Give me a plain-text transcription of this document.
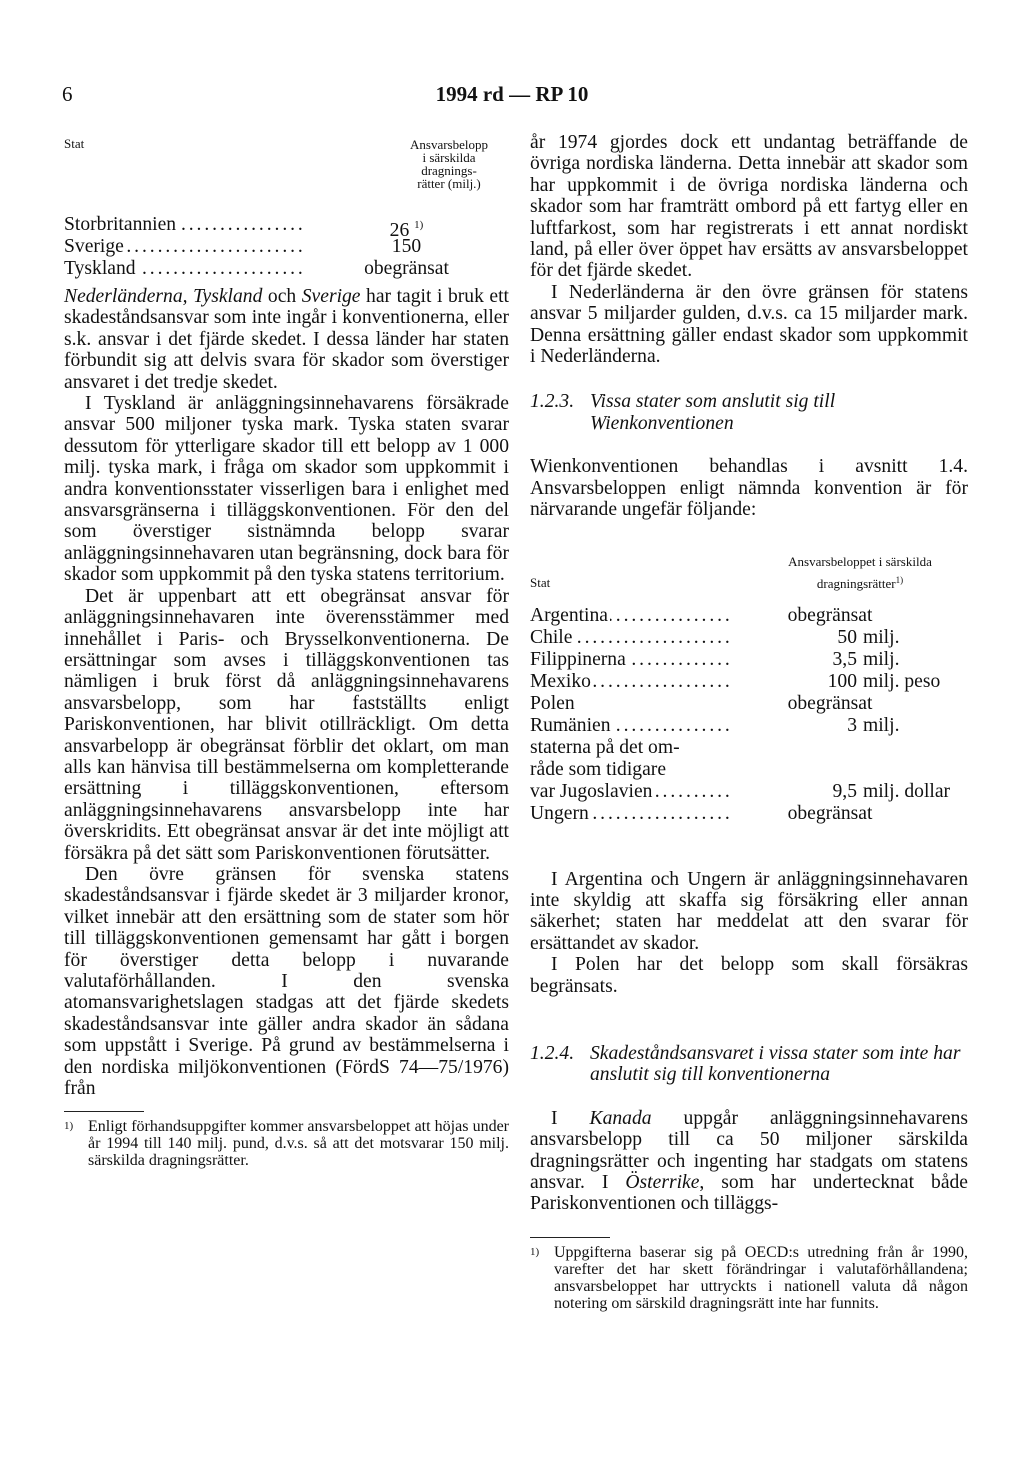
6	1994 rd — RP 10
Stat	Ansvarsbelopp
i särskilda
dragnings-
rätter (milj.)
Storbritannien . . .	26 $^{1)}$
Sverige . . .	150
Tyskland . . .	obegränsat

Nederländerna, Tyskland och Sverige har tagit i bruk ett skadeståndsansvar som inte ingår i konventionerna, eller s.k. ansvar i det fjärde skedet. I dessa länder har staten förbundit sig att delvis svara för skador som överstiger ansvaret i det tredje skedet.

I Tyskland är anläggningsinnehavarens försäkrade ansvar 500 miljoner tyska mark. Tyska staten svarar dessutom för ytterligare skador till ett belopp av 1 000 milj. tyska mark, i fråga om skador som uppkommit i andra konventionsstater visserligen bara i enlighet med ansvarsgränserna i tilläggskonventionen. För den del som överstiger sistnämnda belopp svarar anläggningsinnehavaren utan begränsning, dock bara för skador som uppkommit på den tyska statens territorium.

Det är uppenbart att ett obegränsat ansvar för anläggningsinnehavaren inte överensstämmer med innehållet i Paris- och Brysselkonventionerna. De ersättningar som avses i tilläggskonventionen tas nämligen i bruk först då anläggningsinnehavarens ansvarsbelopp, som har fastställts enligt Pariskonventionen, har blivit otillräckligt. Om detta ansvarbelopp är obegränsat förblir det oklart, om man alls kan hänvisa till bestämmelserna om kompletterande ersättning i tilläggskonventionen, eftersom anläggningsinnehavarens ansvarsbelopp inte har överskridits. Ett obegränsat ansvar är det inte möjligt att försäkra på det sätt som Pariskonventionen förutsätter.

Den övre gränsen för svenska statens skadeståndsansvar i fjärde skedet är 3 miljarder kronor, vilket innebär att den ersättning som de stater som hör till tilläggskonventionen gemensamt har gått i borgen för överstiger detta belopp i nuvarande valutaförhållanden. I den svenska atomansvarighetslagen stadgas att det fjärde skedets skadeståndsansvar inte gäller andra skador än sådana som uppstått i Sverige. På grund av bestämmelserna i den nordiska miljökonventionen (FördS 74—75/1976) från

1) Enligt förhandsuppgifter kommer ansvarsbeloppet att höjas under år 1994 till 140 milj. pund, d.v.s. så att det motsvarar 150 milj. särskilda dragningsrätter.

år 1974 gjordes dock ett undantag beträffande de övriga nordiska länderna. Detta innebär att skador som har uppkommit i de övriga nordiska länderna och skador som har framträtt ombord på ett fartyg eller en luftfarkost, som har registrerats i ett annat nordiskt land, på eller över öppet hav ersätts av ansvarsbeloppet för det fjärde skedet.

I Nederländerna är den övre gränsen för statens ansvar 5 miljarder gulden, d.v.s. ca 15 miljarder mark. Denna ersättning gäller endast skador som uppkommit i Nederländerna.

1.2.3. Vissa stater som anslutit sig till Wienkonventionen

Wienkonventionen behandlas i avsnitt 1.4. Ansvarsbeloppen enligt nämnda konvention är för närvarande ungefär följande:

Stat
Ansvarsbeloppet i särskilda
dragningsrätter$^{1)}$
Argentina . . .	obegränsat
Chile . . .	50 milj.
Filippinerna . . .	3,5 milj.
Mexiko . . .	100 milj. peso
Polen	obegränsat
Rumänien . . .	3 milj.
staterna på det om-
råde som tidigare
var Jugoslavien . . .	9,5 milj. dollar
Ungern . . .	obegränsat

I Argentina och Ungern är anläggningsinnehavaren inte skyldig att skaffa sig försäkring eller annan säkerhet; staten har meddelat att den svarar för ersättandet av skador.

I Polen har det belopp som skall försäkras begränsats.

1.2.4. Skadeståndsansvaret i vissa stater som inte har anslutit sig till konventionerna

I Kanada uppgår anläggningsinnehavarens ansvarsbelopp till ca 50 miljoner särskilda dragningsrätter och ingenting har stadgats om statens ansvar. I Österrike, som har undertecknat både Pariskonventionen och tilläggs-

1) Uppgifterna baserar sig på OECD:s utredning från år 1990, varefter det har skett förändringar i valutaförhållandena; ansvarsbeloppet har uttryckts i nationell valuta då någon notering om särskild dragningsrätt inte har funnits.
